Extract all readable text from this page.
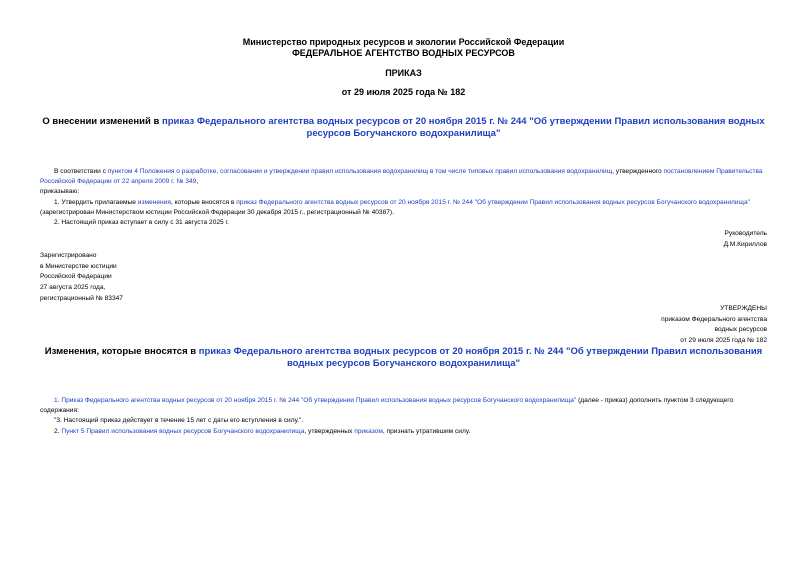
Министерство природных ресурсов и экологии Российской Федерации
ФЕДЕРАЛЬНОЕ АГЕНТСТВО ВОДНЫХ РЕСУРСОВ
ПРИКАЗ
от 29 июля 2025 года № 182
О внесении изменений в приказ Федерального агентства водных ресурсов от 20 ноября 2015 г. № 244 "Об утверждении Правил использования водных ресурсов Богучанского водохранилища"
В соответствии с пунктом 4 Положения о разработке, согласовании и утверждении правил использования водохранилищ в том числе типовых правил использования водохранилищ, утвержденного постановлением Правительства Российской Федерации от 22 апреля 2009 г. № 349,
приказываю:
1. Утвердить прилагаемые изменения, которые вносятся в приказ Федерального агентства водных ресурсов от 20 ноября 2015 г. № 244 "Об утверждении Правил использования водных ресурсов Богучанского водохранилища" (зарегистрирован Министерством юстиции Российской Федерации 30 декабря 2015 г., регистрационный № 40387).
2. Настоящий приказ вступает в силу с 31 августа 2025 г.
Руководитель
Д.М.Кириллов
Зарегистрировано
в Министерстве юстиции
Российской Федерации
27 августа 2025 года,
регистрационный № 83347
УТВЕРЖДЕНЫ
приказом Федерального агентства
водных ресурсов
от 29 июля 2025 года № 182
Изменения, которые вносятся в приказ Федерального агентства водных ресурсов от 20 ноября 2015 г. № 244 "Об утверждении Правил использования водных ресурсов Богучанского водохранилища"
1. Приказ Федерального агентства водных ресурсов от 20 ноября 2015 г. № 244 "Об утверждении Правил использования водных ресурсов Богучанского водохранилища" (далее - приказ) дополнить пунктом 3 следующего содержания:
"3. Настоящий приказ действует в течение 15 лет с даты его вступления в силу.".
2. Пункт 5 Правил использования водных ресурсов Богучанского водохранилища, утвержденных приказом, признать утратившим силу.
